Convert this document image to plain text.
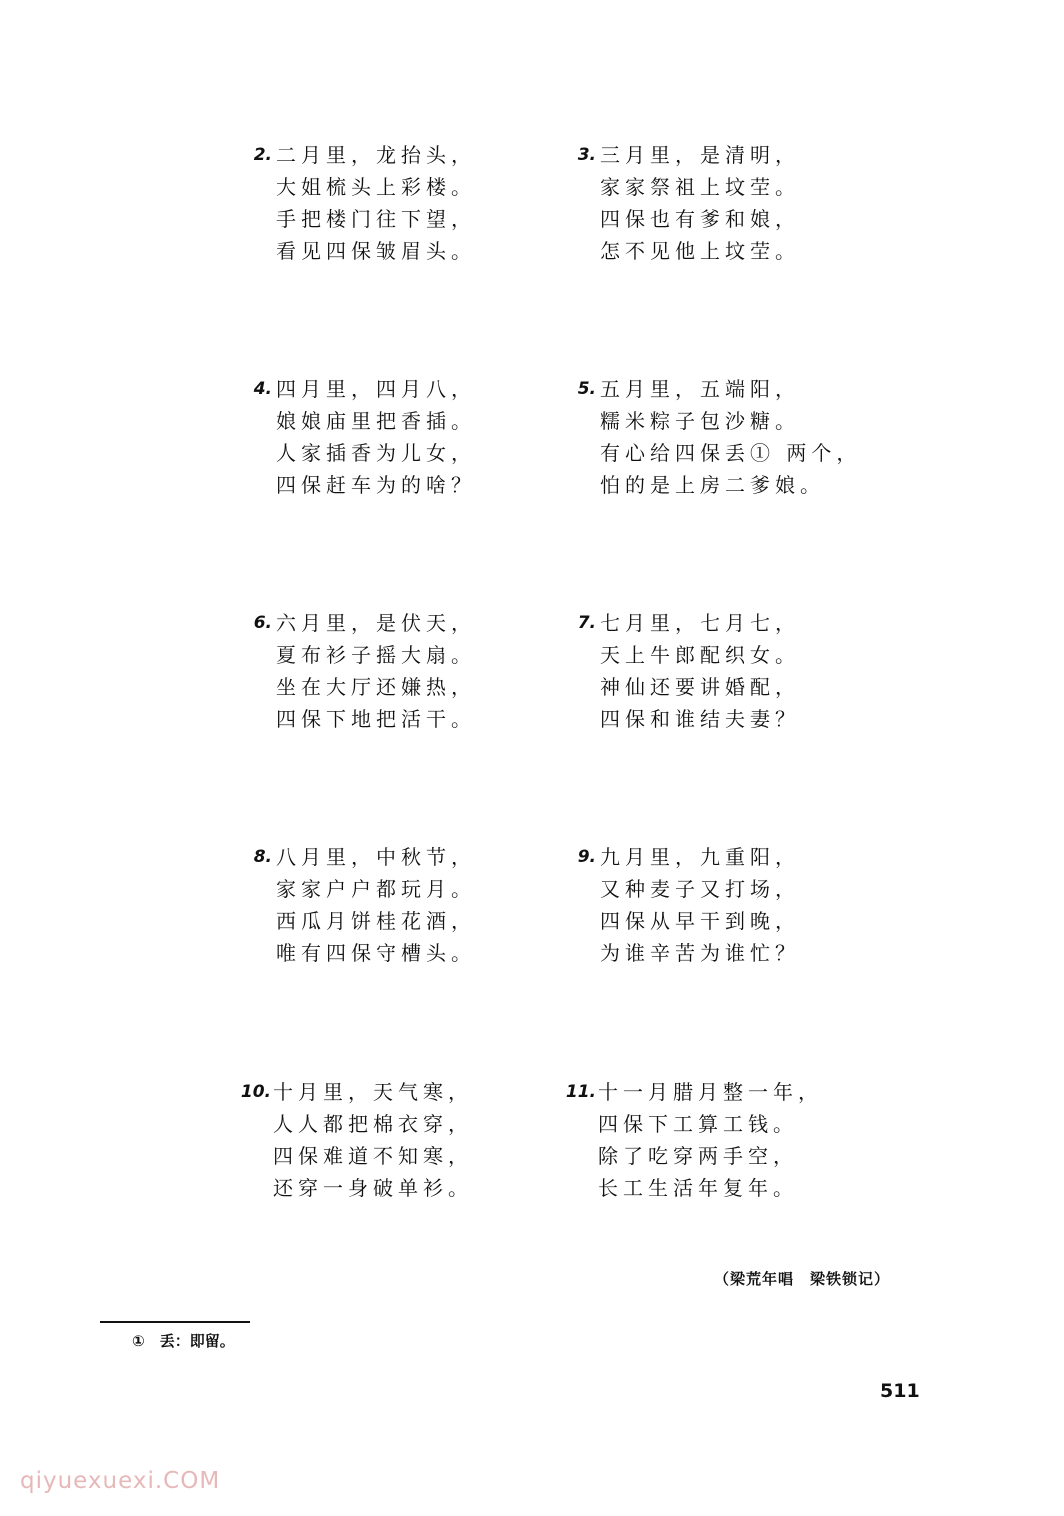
2. 二月里，龙抬头，
大姐梳头上彩楼。
手把楼门往下望，
看见四保皱眉头。
3. 三月里，是清明，
家家祭祖上坟茔。
四保也有爹和娘，
怎不见他上坟茔。
4. 四月里，四月八，
娘娘庙里把香插。
人家插香为儿女，
四保赶车为的啥？
5. 五月里，五端阳，
糯米粽子包沙糖。
有心给四保丢① 两个，
怕的是上房二爹娘。
6. 六月里，是伏天，
夏布衫子摇大扇。
坐在大厅还嫌热，
四保下地把活干。
7. 七月里，七月七，
天上牛郎配织女。
神仙还要讲婚配，
四保和谁结夫妻？
8. 八月里，中秋节，
家家户户都玩月。
西瓜月饼桂花酒，
唯有四保守槽头。
9. 九月里，九重阳，
又种麦子又打场，
四保从早干到晚，
为谁辛苦为谁忙？
10. 十月里，天气寒，
人人都把棉衣穿，
四保难道不知寒，
还穿一身破单衫。
11. 十一月腊月整一年，
四保下工算工钱。
除了吃穿两手空，
长工生活年复年。
（梁荒年唱　梁铁锁记）
①　丢：即留。
511
qiyuexuexi.COM
